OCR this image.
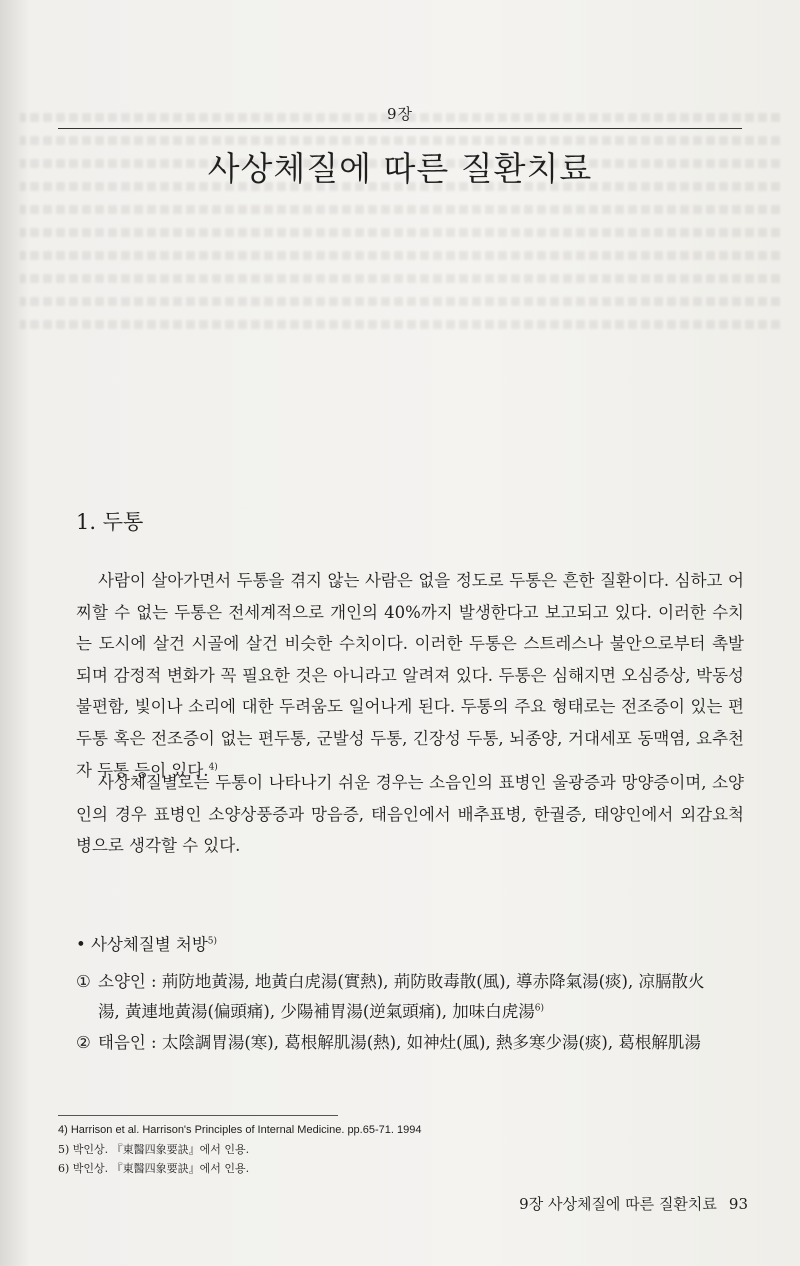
9장
사상체질에 따른 질환치료
1. 두통

사람이 살아가면서 두통을 겪지 않는 사람은 없을 정도로 두통은 흔한 질환이다. 심하고 어찌할 수 없는 두통은 전세계적으로 개인의 40%까지 발생한다고 보고되고 있다. 이러한 수치는 도시에 살건 시골에 살건 비슷한 수치이다. 이러한 두통은 스트레스나 불안으로부터 촉발되며 감정적 변화가 꼭 필요한 것은 아니라고 알려져 있다. 두통은 심해지면 오심증상, 박동성 불편함, 빛이나 소리에 대한 두려움도 일어나게 된다. 두통의 주요 형태로는 전조증이 있는 편두통 혹은 전조증이 없는 편두통, 군발성 두통, 긴장성 두통, 뇌종양, 거대세포 동맥염, 요추천자 두통 등이 있다.$^{4)}$

사상체질별로는 두통이 나타나기 쉬운 경우는 소음인의 표병인 울광증과 망양증이며, 소양인의 경우 표병인 소양상풍증과 망음증, 태음인에서 배추표병, 한궐증, 태양인에서 외감요척병으로 생각할 수 있다.

• 사상체질별 처방$^{5)}$
① 소양인 : 荊防地黃湯, 地黃白虎湯(實熱), 荊防敗毒散(風), 導赤降氣湯(痰), 凉膈散火
湯, 黃連地黃湯(偏頭痛), 少陽補胃湯(逆氣頭痛), 加味白虎湯$^{6)}$
② 태음인 : 太陰調胃湯(寒), 葛根解肌湯(熱), 如神灶(風), 熱多寒少湯(痰), 葛根解肌湯
4) Harrison et al. Harrison's Principles of Internal Medicine. pp.65-71. 1994
5) 박인상. 『東醫四象要訣』에서 인용.
6) 박인상. 『東醫四象要訣』에서 인용.
9장 사상체질에 따른 질환치료 93
